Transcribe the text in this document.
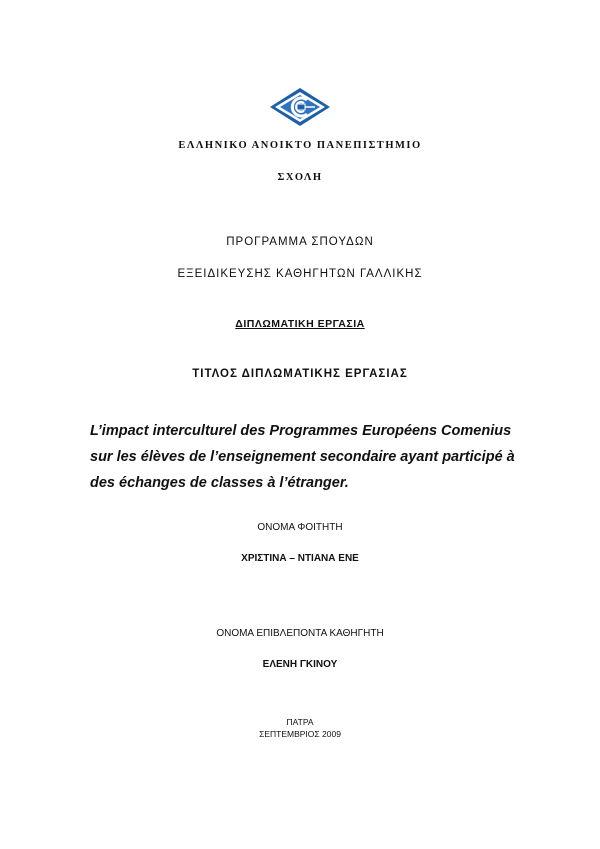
ΕΛΛΗΝΙΚΟ ΑΝΟΙΚΤΟ ΠΑΝΕΠΙΣΤΗΜΙΟ
ΣΧΟΛΗ
ΠΡΟΓΡΑΜΜΑ ΣΠΟΥΔΩΝ
ΕΞΕΙΔΙΚΕΥΣΗΣ ΚΑΘΗΓΗΤΩΝ ΓΑΛΛΙΚΗΣ
ΔΙΠΛΩΜΑΤΙΚΗ ΕΡΓΑΣΙΑ
ΤΙΤΛΟΣ ΔΙΠΛΩΜΑΤΙΚΗΣ ΕΡΓΑΣΙΑΣ
L’impact interculturel des Programmes Européens Comenius sur les élèves de l’enseignement secondaire ayant participé à des échanges de classes à l’étranger.
ΟΝΟΜΑ ΦΟΙΤΗΤΗ
ΧΡΙΣΤΙΝΑ – ΝΤΙΑΝΑ ΕΝΕ
ΟΝΟΜΑ ΕΠΙΒΛΕΠΟΝΤΑ ΚΑΘΗΓΗΤΗ
ΕΛΕΝΗ ΓΚΙΝΟΥ
ΠΑΤΡΑ
ΣΕΠΤΕΜΒΡΙΟΣ 2009
